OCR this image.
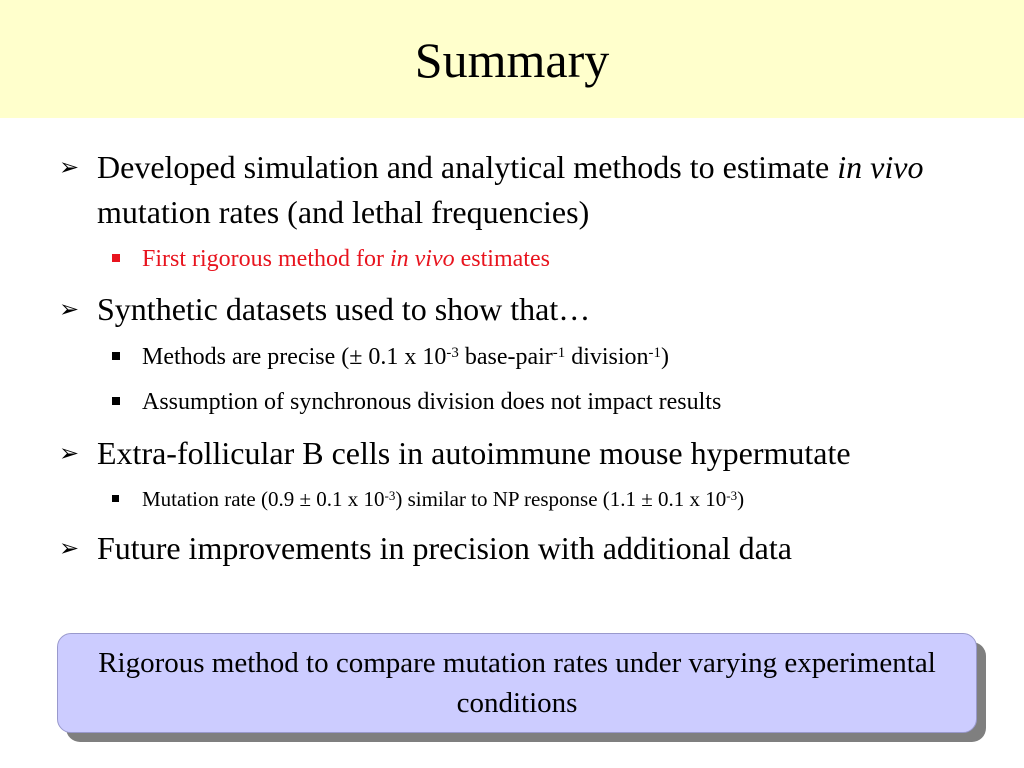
Summary
➢ Developed simulation and analytical methods to estimate in vivo mutation rates (and lethal frequencies)
First rigorous method for in vivo estimates
➢ Synthetic datasets used to show that…
Methods are precise (± 0.1 x $10^{-3}$ base-pair$^{-1}$ division$^{-1}$)
Assumption of synchronous division does not impact results
➢ Extra-follicular B cells in autoimmune mouse hypermutate
Mutation rate (0.9 ± 0.1 x $10^{-3}$) similar to NP response (1.1 ± 0.1 x $10^{-3}$)
➢ Future improvements in precision with additional data
Rigorous method to compare mutation rates under varying experimental conditions
